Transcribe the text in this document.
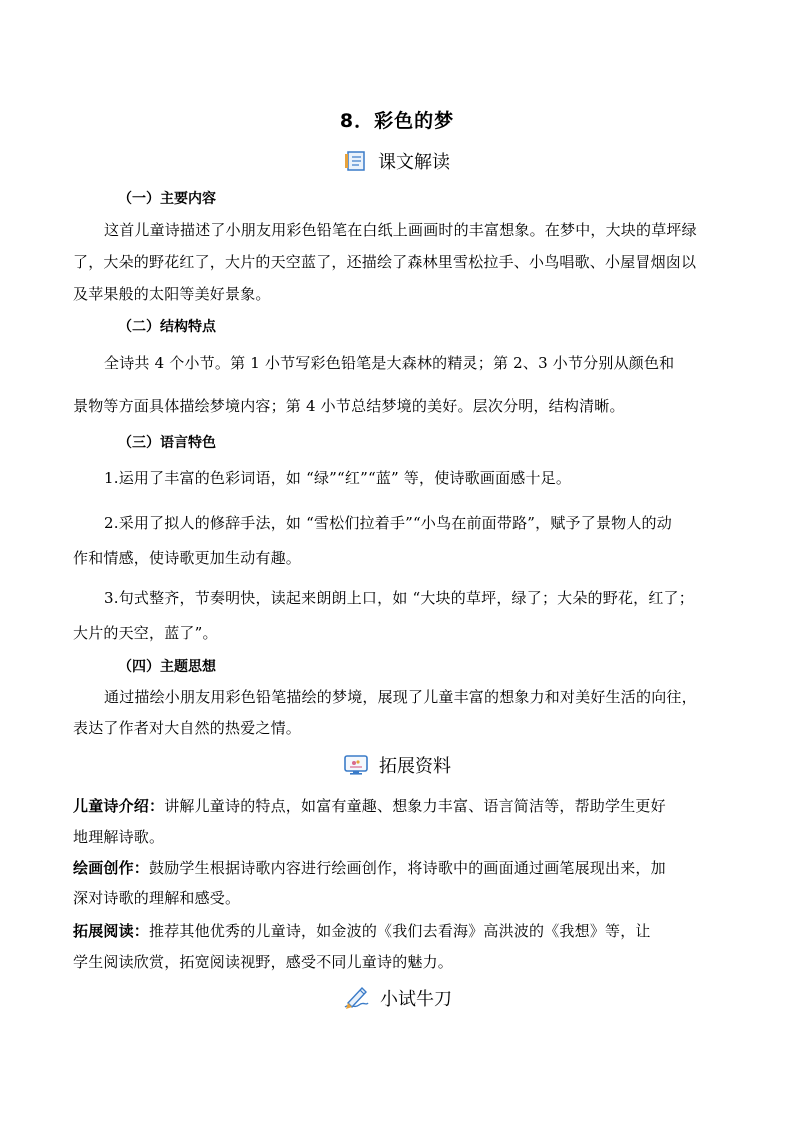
8．彩色的梦
课文解读
（一）主要内容
这首儿童诗描述了小朋友用彩色铅笔在白纸上画画时的丰富想象。在梦中，大块的草坪绿
了，大朵的野花红了，大片的天空蓝了，还描绘了森林里雪松拉手、小鸟唱歌、小屋冒烟囱以
及苹果般的太阳等美好景象。
（二）结构特点
全诗共 4 个小节。第 1 小节写彩色铅笔是大森林的精灵；第 2、3 小节分别从颜色和
景物等方面具体描绘梦境内容；第 4 小节总结梦境的美好。层次分明，结构清晰。
（三）语言特色
1.运用了丰富的色彩词语，如 “绿”“红”“蓝” 等，使诗歌画面感十足。
2.采用了拟人的修辞手法，如 “雪松们拉着手”“小鸟在前面带路”，赋予了景物人的动
作和情感，使诗歌更加生动有趣。
3.句式整齐，节奏明快，读起来朗朗上口，如 “大块的草坪，绿了；大朵的野花，红了；
大片的天空，蓝了”。
（四）主题思想
通过描绘小朋友用彩色铅笔描绘的梦境，展现了儿童丰富的想象力和对美好生活的向往，
表达了作者对大自然的热爱之情。
拓展资料
儿童诗介绍：讲解儿童诗的特点，如富有童趣、想象力丰富、语言简洁等，帮助学生更好
地理解诗歌。
绘画创作：鼓励学生根据诗歌内容进行绘画创作，将诗歌中的画面通过画笔展现出来，加
深对诗歌的理解和感受。
拓展阅读：推荐其他优秀的儿童诗，如金波的《我们去看海》高洪波的《我想》等，让
学生阅读欣赏，拓宽阅读视野，感受不同儿童诗的魅力。
小试牛刀
